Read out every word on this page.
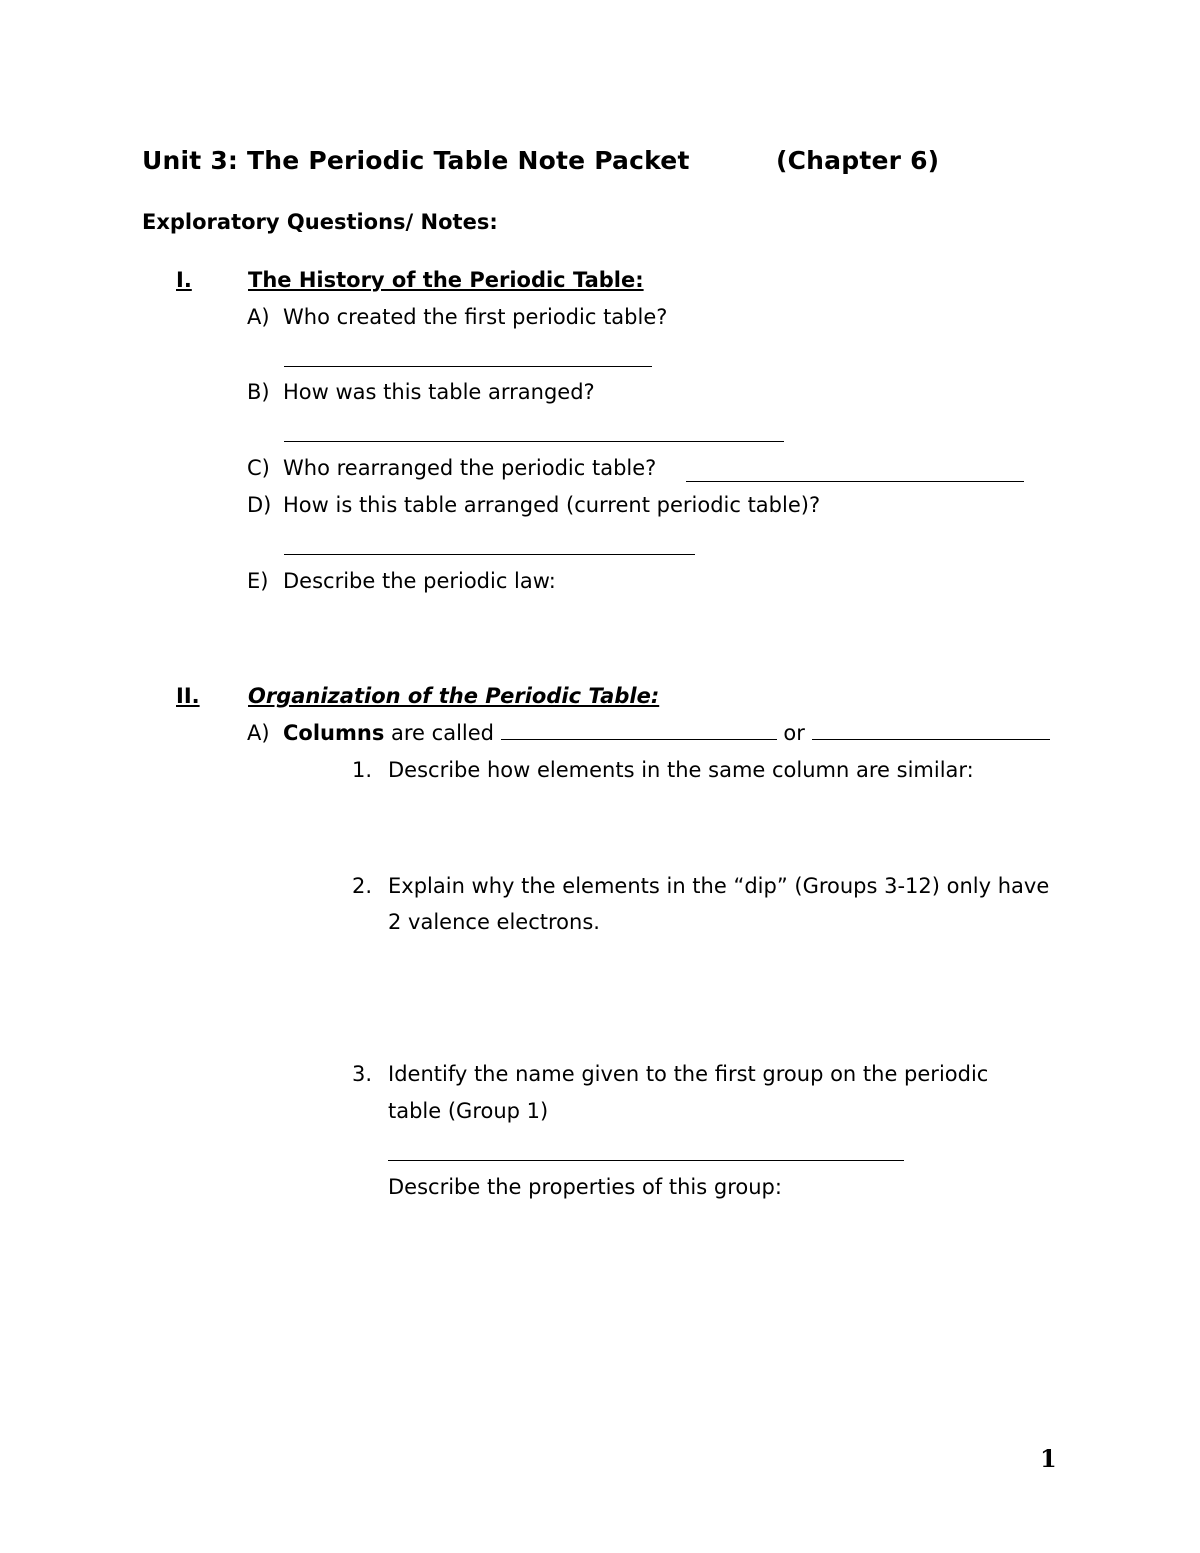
Unit 3: The Periodic Table Note Packet	(Chapter 6)
Exploratory Questions/ Notes:
I.	The History of the Periodic Table:
A) Who created the first periodic table?
B) How was this table arranged?
C) Who rearranged the periodic table?
D) How is this table arranged (current periodic table)?
E) Describe the periodic law:
II. Organization of the Periodic Table:
A) Columns are called	or
1. Describe how elements in the same column are similar:
2. Explain why the elements in the “dip” (Groups 3-12) only have
2 valence electrons.
3. Identify the name given to the first group on the periodic
table (Group 1)
Describe the properties of this group:
1
